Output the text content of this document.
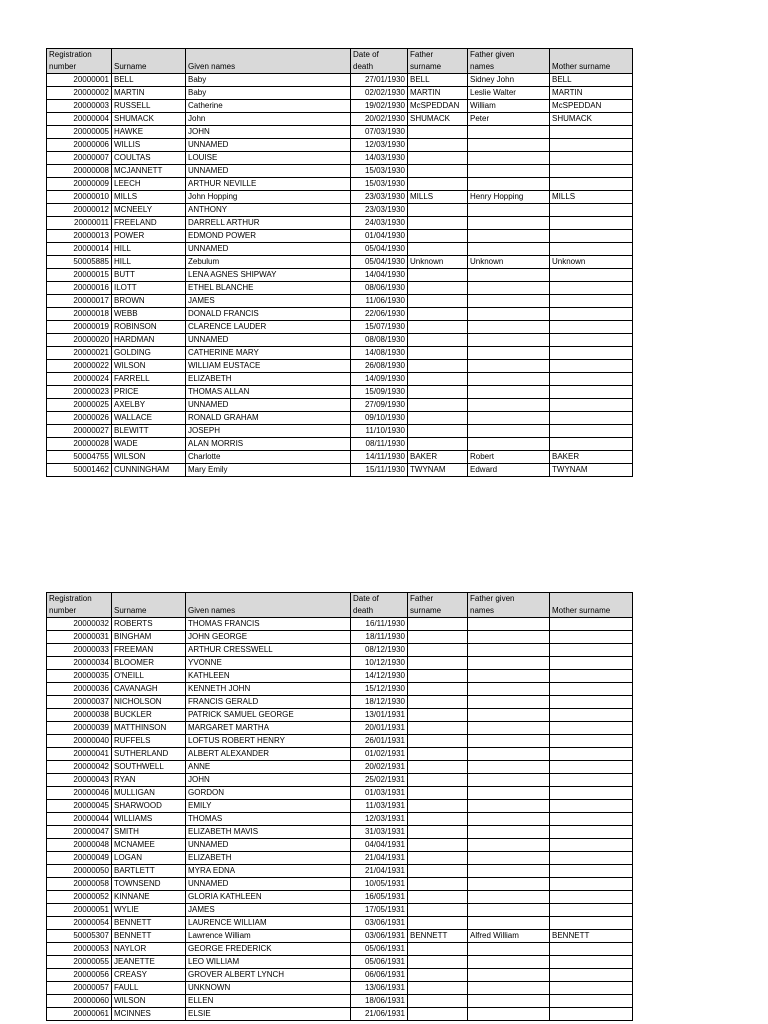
Registration
number	Surname	Given names	Date of
death	Father
surname	Father given
names	Mother surname
20000001	BELL	Baby	27/01/1930	BELL	Sidney John	BELL
20000002	MARTIN	Baby	02/02/1930	MARTIN	Leslie Walter	MARTIN
20000003	RUSSELL	Catherine	19/02/1930	McSPEDDAN	William	McSPEDDAN
20000004	SHUMACK	John	20/02/1930	SHUMACK	Peter	SHUMACK
20000005	HAWKE	JOHN	07/03/1930			
20000006	WILLIS	UNNAMED	12/03/1930			
20000007	COULTAS	LOUISE	14/03/1930			
20000008	MCJANNETT	UNNAMED	15/03/1930			
20000009	LEECH	ARTHUR NEVILLE	15/03/1930			
20000010	MILLS	John Hopping	23/03/1930	MILLS	Henry Hopping	MILLS
20000012	MCNEELY	ANTHONY	23/03/1930			
20000011	FREELAND	DARRELL ARTHUR	24/03/1930			
20000013	POWER	EDMOND POWER	01/04/1930			
20000014	HILL	UNNAMED	05/04/1930			
50005885	HILL	Zebulum	05/04/1930	Unknown	Unknown	Unknown
20000015	BUTT	LENA AGNES SHIPWAY	14/04/1930			
20000016	ILOTT	ETHEL BLANCHE	08/06/1930			
20000017	BROWN	JAMES	11/06/1930			
20000018	WEBB	DONALD FRANCIS	22/06/1930			
20000019	ROBINSON	CLARENCE LAUDER	15/07/1930			
20000020	HARDMAN	UNNAMED	08/08/1930			
20000021	GOLDING	CATHERINE MARY	14/08/1930			
20000022	WILSON	WILLIAM EUSTACE	26/08/1930			
20000024	FARRELL	ELIZABETH	14/09/1930			
20000023	PRICE	THOMAS ALLAN	15/09/1930			
20000025	AXELBY	UNNAMED	27/09/1930			
20000026	WALLACE	RONALD GRAHAM	09/10/1930			
20000027	BLEWITT	JOSEPH	11/10/1930			
20000028	WADE	ALAN MORRIS	08/11/1930			
50004755	WILSON	Charlotte	14/11/1930	BAKER	Robert	BAKER
50001462	CUNNINGHAM	Mary Emily	15/11/1930	TWYNAM	Edward	TWYNAM
Registration
number	Surname	Given names	Date of
death	Father
surname	Father given
names	Mother surname
20000032	ROBERTS	THOMAS FRANCIS	16/11/1930			
20000031	BINGHAM	JOHN GEORGE	18/11/1930			
20000033	FREEMAN	ARTHUR CRESSWELL	08/12/1930			
20000034	BLOOMER	YVONNE	10/12/1930			
20000035	O'NEILL	KATHLEEN	14/12/1930			
20000036	CAVANAGH	KENNETH JOHN	15/12/1930			
20000037	NICHOLSON	FRANCIS GERALD	18/12/1930			
20000038	BUCKLER	PATRICK SAMUEL GEORGE	13/01/1931			
20000039	MATTHINSON	MARGARET MARTHA	20/01/1931			
20000040	RUFFELS	LOFTUS ROBERT HENRY	26/01/1931			
20000041	SUTHERLAND	ALBERT ALEXANDER	01/02/1931			
20000042	SOUTHWELL	ANNE	20/02/1931			
20000043	RYAN	JOHN	25/02/1931			
20000046	MULLIGAN	GORDON	01/03/1931			
20000045	SHARWOOD	EMILY	11/03/1931			
20000044	WILLIAMS	THOMAS	12/03/1931			
20000047	SMITH	ELIZABETH MAVIS	31/03/1931			
20000048	MCNAMEE	UNNAMED	04/04/1931			
20000049	LOGAN	ELIZABETH	21/04/1931			
20000050	BARTLETT	MYRA EDNA	21/04/1931			
20000058	TOWNSEND	UNNAMED	10/05/1931			
20000052	KINNANE	GLORIA KATHLEEN	16/05/1931			
20000051	WYLIE	JAMES	17/05/1931			
20000054	BENNETT	LAURENCE WILLIAM	03/06/1931			
50005307	BENNETT	Lawrence William	03/06/1931	BENNETT	Alfred William	BENNETT
20000053	NAYLOR	GEORGE FREDERICK	05/06/1931			
20000055	JEANETTE	LEO WILLIAM	05/06/1931			
20000056	CREASY	GROVER ALBERT LYNCH	06/06/1931			
20000057	FAULL	UNKNOWN	13/06/1931			
20000060	WILSON	ELLEN	18/06/1931			
20000061	MCINNES	ELSIE	21/06/1931			
